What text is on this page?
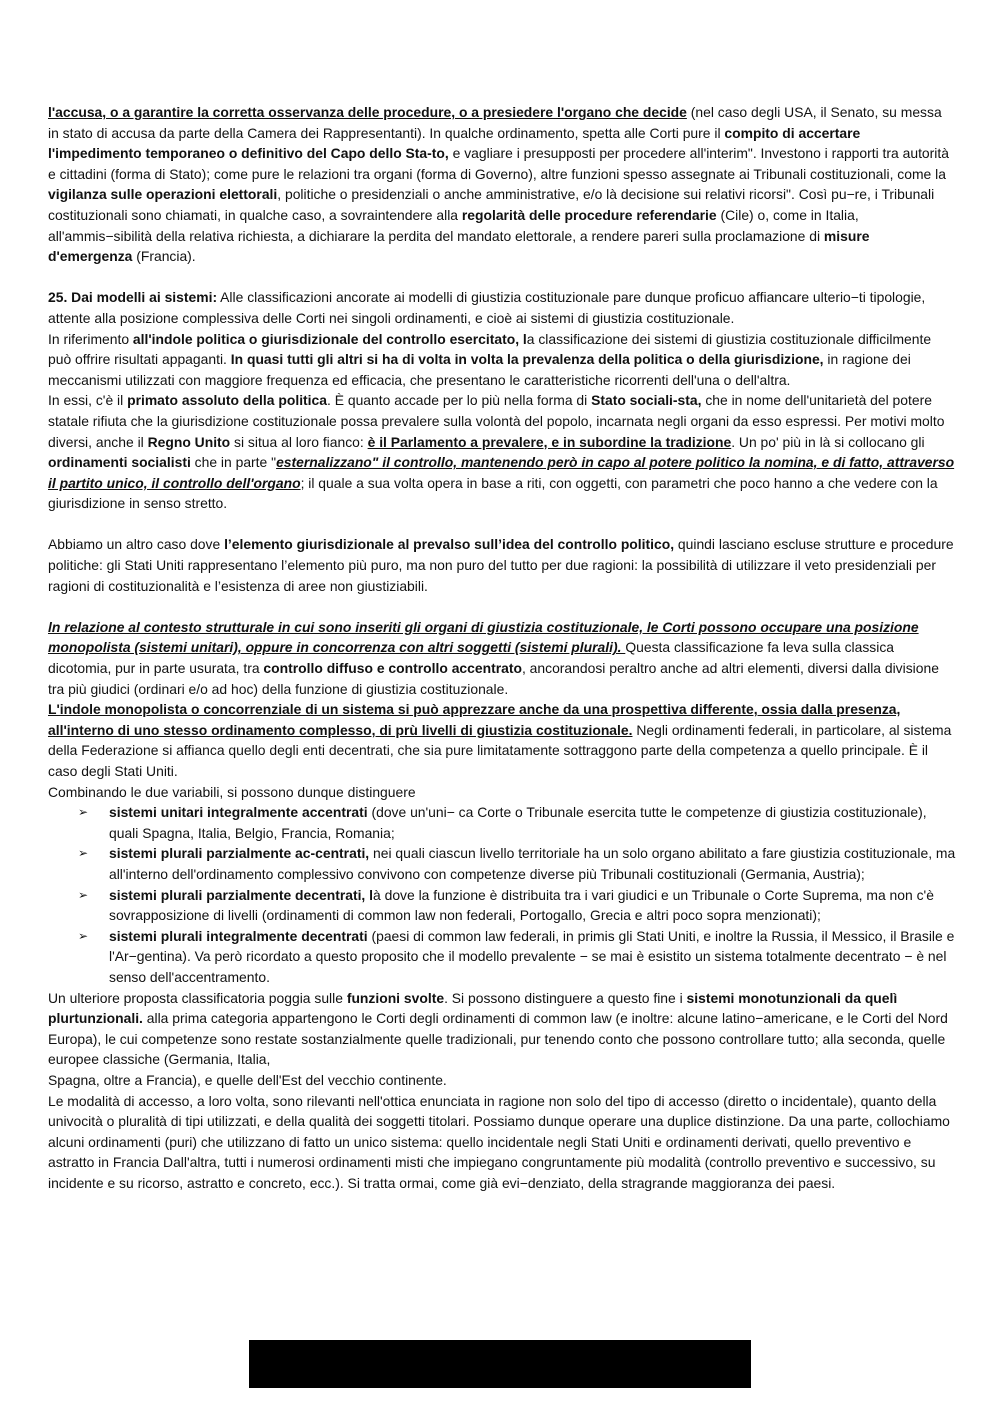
l'accusa, o a garantire la corretta osservanza delle procedure, o a presiedere l'organo che decide (nel caso degli USA, il Senato, su messa in stato di accusa da parte della Camera dei Rappresentanti). In qualche ordinamento, spetta alle Corti pure il compito di accertare l'impedimento temporaneo o definitivo del Capo dello Sta-to, e vagliare i presupposti per procedere all'interim". Investono i rapporti tra autorità e cittadini (forma di Stato); come pure le relazioni tra organi (forma di Governo), altre funzioni spesso assegnate ai Tribunali costituzionali, come la vigilanza sulle operazioni elettorali, politiche o presidenziali o anche amministrative, e/o là decisione sui relativi ricorsi". Così pu−re, i Tribunali costituzionali sono chiamati, in qualche caso, a sovraintendere alla regolarità delle procedure referendarie (Cile) o, come in Italia, all'ammis−sibilità della relativa richiesta, a dichiarare la perdita del mandato elettorale, a rendere pareri sulla proclamazione di misure d'emergenza (Francia).

25. Dai modelli ai sistemi: Alle classificazioni ancorate ai modelli di giustizia costituzionale pare dunque proficuo affiancare ulterio−ti tipologie, attente alla posizione complessiva delle Corti nei singoli ordinamenti, e cioè ai sistemi di giustizia costituzionale.

In riferimento all'indole politica o giurisdizionale del controllo esercitato, la classificazione dei sistemi di giustizia costituzionale difficilmente può offrire risultati appaganti. In quasi tutti gli altri si ha di volta in volta la prevalenza della politica o della giurisdizione, in ragione dei meccanismi utilizzati con maggiore frequenza ed efficacia, che presentano le caratteristiche ricorrenti dell'una o dell'altra.

In essi, c'è il primato assoluto della politica. È quanto accade per lo più nella forma di Stato sociali-sta, che in nome dell'unitarietà del potere statale rifiuta che la giurisdizione costituzionale possa prevalere sulla volontà del popolo, incarnata negli organi da esso espressi. Per motivi molto diversi, anche il Regno Unito si situa al loro fianco: è il Parlamento a prevalere, e in subordine la tradizione. Un po' più in là si collocano gli ordinamenti socialisti che in parte "esternalizzano" il controllo, mantenendo però in capo al potere politico la nomina, e di fatto, attraverso il partito unico, il controllo dell'organo; il quale a sua volta opera in base a riti, con oggetti, con parametri che poco hanno a che vedere con la giurisdizione in senso stretto.

Abbiamo un altro caso dove l’elemento giurisdizionale al prevalso sull’idea del controllo politico, quindi lasciano escluse strutture e procedure politiche: gli Stati Uniti rappresentano l’elemento più puro, ma non puro del tutto per due ragioni: la possibilità di utilizzare il veto presidenziali per ragioni di costituzionalità e l’esistenza di aree non giustiziabili.

ln relazione al contesto strutturale in cui sono inseriti gli organi di giustizia costituzionale, le Corti possono occupare una posizione monopolista (sistemi unitari), oppure in concorrenza con altri soggetti (sistemi plurali). Questa classificazione fa leva sulla classica dicotomia, pur in parte usurata, tra controllo diffuso e controllo accentrato, ancorandosi peraltro anche ad altri elementi, diversi dalla divisione tra più giudici (ordinari e/o ad hoc) della funzione di giustizia costituzionale.

L'indole monopolista o concorrenziale di un sistema si può apprezzare anche da una prospettiva differente, ossia dalla presenza, all'interno di uno stesso ordinamento complesso, di prù livelli di giustizia costituzionale. Negli ordinamenti federali, in particolare, al sistema della Federazione si affianca quello degli enti decentrati, che sia pure limitatamente sottraggono parte della competenza a quello principale. È il caso degli Stati Uniti.

Combinando le due variabili, si possono dunque distinguere

➢ sistemi unitari integralmente accentrati (dove un'uni− ca Corte o Tribunale esercita tutte le competenze di giustizia costituzionale), quali Spagna, Italia, Belgio, Francia, Romania;
➢ sistemi plurali parzialmente ac-centrati, nei quali ciascun livello territoriale ha un solo organo abilitato a fare giustizia costituzionale, ma all'interno dell'ordinamento complessivo convivono con competenze diverse più Tribunali costituzionali (Germania, Austria);
➢ sistemi plurali parzialmente decentrati, là dove la funzione è distribuita tra i vari giudici e un Tribunale o Corte Suprema, ma non c'è sovrapposizione di livelli (ordinamenti di common law non federali, Portogallo, Grecia e altri poco sopra menzionati);
➢ sistemi plurali integralmente decentrati (paesi di common law federali, in primis gli Stati Uniti, e inoltre la Russia, il Messico, il Brasile e l'Ar−gentina). Va però ricordato a questo proposito che il modello prevalente − se mai è esistito un sistema totalmente decentrato − è nel senso dell'accentramento.

Un ulteriore proposta classificatoria poggia sulle funzioni svolte. Si possono distinguere a questo fine i sistemi monotunzionali da quelì plurtunzionali. alla prima categoria appartengono le Corti degli ordinamenti di common law (e inoltre: alcune latino−americane, e le Corti del Nord Europa), le cui competenze sono restate sostanzialmente quelle tradizionali, pur tenendo conto che possono controllare tutto; alla seconda, quelle europee classiche (Germania, Italia,

Spagna, oltre a Francia), e quelle dell'Est del vecchio continente.

Le modalità di accesso, a loro volta, sono rilevanti nell'ottica enunciata in ragione non solo del tipo di accesso (diretto o incidentale), quanto della univocità o pluralità di tipi utilizzati, e della qualità dei soggetti titolari. Possiamo dunque operare una duplice distinzione. Da una parte, collochiamo alcuni ordinamenti (puri) che utilizzano di fatto un unico sistema: quello incidentale negli Stati Uniti e ordinamenti derivati, quello preventivo e astratto in Francia Dall'altra, tutti i numerosi ordinamenti misti che impiegano congruntamente più modalità (controllo preventivo e successivo, su incidente e su ricorso, astratto e concreto, ecc.). Si tratta ormai, come già evi−denziato, della stragrande maggioranza dei paesi.
